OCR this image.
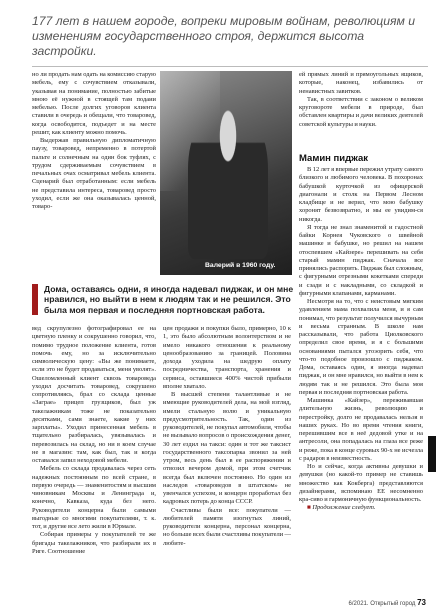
177 лет в нашем городе, вопреки мировым войнам, революциям и изменениям государственного строя, держится высота застройки.

но ли продать нам одать на комиссию старую мебель, ему с сочувствием отказывали, указывая на понимание, полностью забитые мною её нужной в стоящей там подаии мебелью. После долгих уговоров клиента ставили в очередь и обещали, что товаровед, когда освободится, подъедет и на месте решит, как клиенту можно помочь.

Выдержав правильную дипломатичную паузу, товаровед, непременно в потертой пальте и солнечным на один бок туфлях, с трудом сдерживаемым сочувствием в печальных очах осматривал мебель клиента. Сценарий был отработанным: если мебель не представила интереса, товаровед просто уходил, если же она оказывалась ценной, товаро-

ей прямых линий и прямоугольных ящиков, которые, наконец, избавились от ненавистных завитков.

Так, в соответствии с законом о великом круговороте мебели в природе, был обставлен квартиры и дачи великих деятелей советской культуры и науки.

Мамин пиджак

В 12 лет я впервые пережил утрату самого близкого и любимого человека. В похоронах бабушкой курточкой из офицерской диагонали и столк на Первом Лесном кладбище и не верил, что мою бабушку хоронят безвозвратно, и мы ее увидим-ся никогда.

Я тогда не знал знаменитой и гадостной байки Корнея Чуковского о швейной машинке и бабушке, но решил на нашем отоспевшем «Кайзере» перешивать на себя старый мамин пиджак. Сначала все принялись распорить. Пиджак был сложным, с фигурными отрезными кокетками спереди и сзади и с накладными, со складкой и фигурными клапанами, карманами.

Несмотря на то, что с неистовым мягким удавлением мама похвалила меня, и я сам понимал, что результат получился вычурным и весьма странным. В школе нам рассказывали, что работа Циолковского определил свое время, и я с большими основаниями пытался угоэорить себя, что что-то подобное произошло с пиджаком. Дома, оставаясь один, я иногда надевал пиджак, и он мне нравился, но выйти в нем к людям так и не решился. Это была моя первая и последняя портновская работа.

Машинка «Кайзер», переживавшая длительную жизнь, революцию и перестройку, долго не продавалась нельзя в наших руках. Но во время чтения книги, перешившим все в неё дедовой утке и на антресоли, она попадалась на глаза все реже и реже, пока в конце суровых 90-х не исчезла с радаров в неизвестность.

Но и сейчас, когда активны девушки и девушки (но какой-то пример не ставишь множество как Кокберга) представляются дизайнерами, вспоминаю ЕЕ несомненно кра-сиво и гармоничную функциональность.

■ Продолжение следует.

вед скрупулезно фотографировал ее на цветную пленку и сокрушенно говорил, что, помимо трудное положение клиента, готов помочь ему, но за исключительно символическую цену: «Вы же понимаете, если это не будет продаваться, меня уволят». Ошеломленный клиент сквозь товароведа уходил досчитать товаровед, сокрушено сопротивляясь, брал со склада ценные «Заграе» прицеп грузщиков, был уж такелажникам тоже не показательно десятками, сами знаете, какие у них зарплаты». Уходил принесенная мебель в тщательно разбиралась, увязывалась и перевозилась на склад, но ни в коем случае не в магазин: там, как был, так и когда оставался запил неходовой мебели.

Мебель со склада продавалась через сеть надежных постоянным по всей стране, в первую очередь — знаменитостям и высшим чиновникам Москвы и Ленинграда и, конечно, Кавказа, куда без него. Руководители концерна были самыми выгодные со многими покупателями, т. к. тот, и другие все лето жили в Юрмале.

Собирая примеры у покупателей те же бригады такелажников, что разбирали их в Риге. Соотношение

цен продажи и покупки было, примерно, 10 к 1, это было абсолютным волонтерством и не имело никакого отношения к реальному ценообразованию за границей. Половина дохода уходила на шедрую оплату посредничества, транспорта, хранения и сервиса, оставшиеся 400% чистой прибыли вполне хватало.

В высшей степени талантливые и не имеющие руководителей дела, на мой взгляд, имели стальную волю и уникальную предусмотрительность. Так, один из руководителей, не покупал автомобиля, чтобы не вызывало вопросов о происхождения денег, 30 лет ездил на такси: один и тот же таксист государственного таксопарка звонил за ней утром, весь день был в ее распоряжении и отвозил вечером домой, при этом счетчик всегда был включен постоянно. Но один из наследов «товароведов в штатском» не увенчался успехом, и концерн проработал без кадровых потерь до конца СССР.

Счастливы были все: покупатели — любителей памяти изогнутых линий, руководители концерна, персонал концерна, но больше всех были счастливы покупатели — любите-

Валерий в 1960 году.
Дома, оставаясь одни, я иногда надевал пиджак, и он мне нравился, но выйти в нем к людям так и не решился. Это была моя первая и последняя портновская работа.
6/2021. Открытый город 73
